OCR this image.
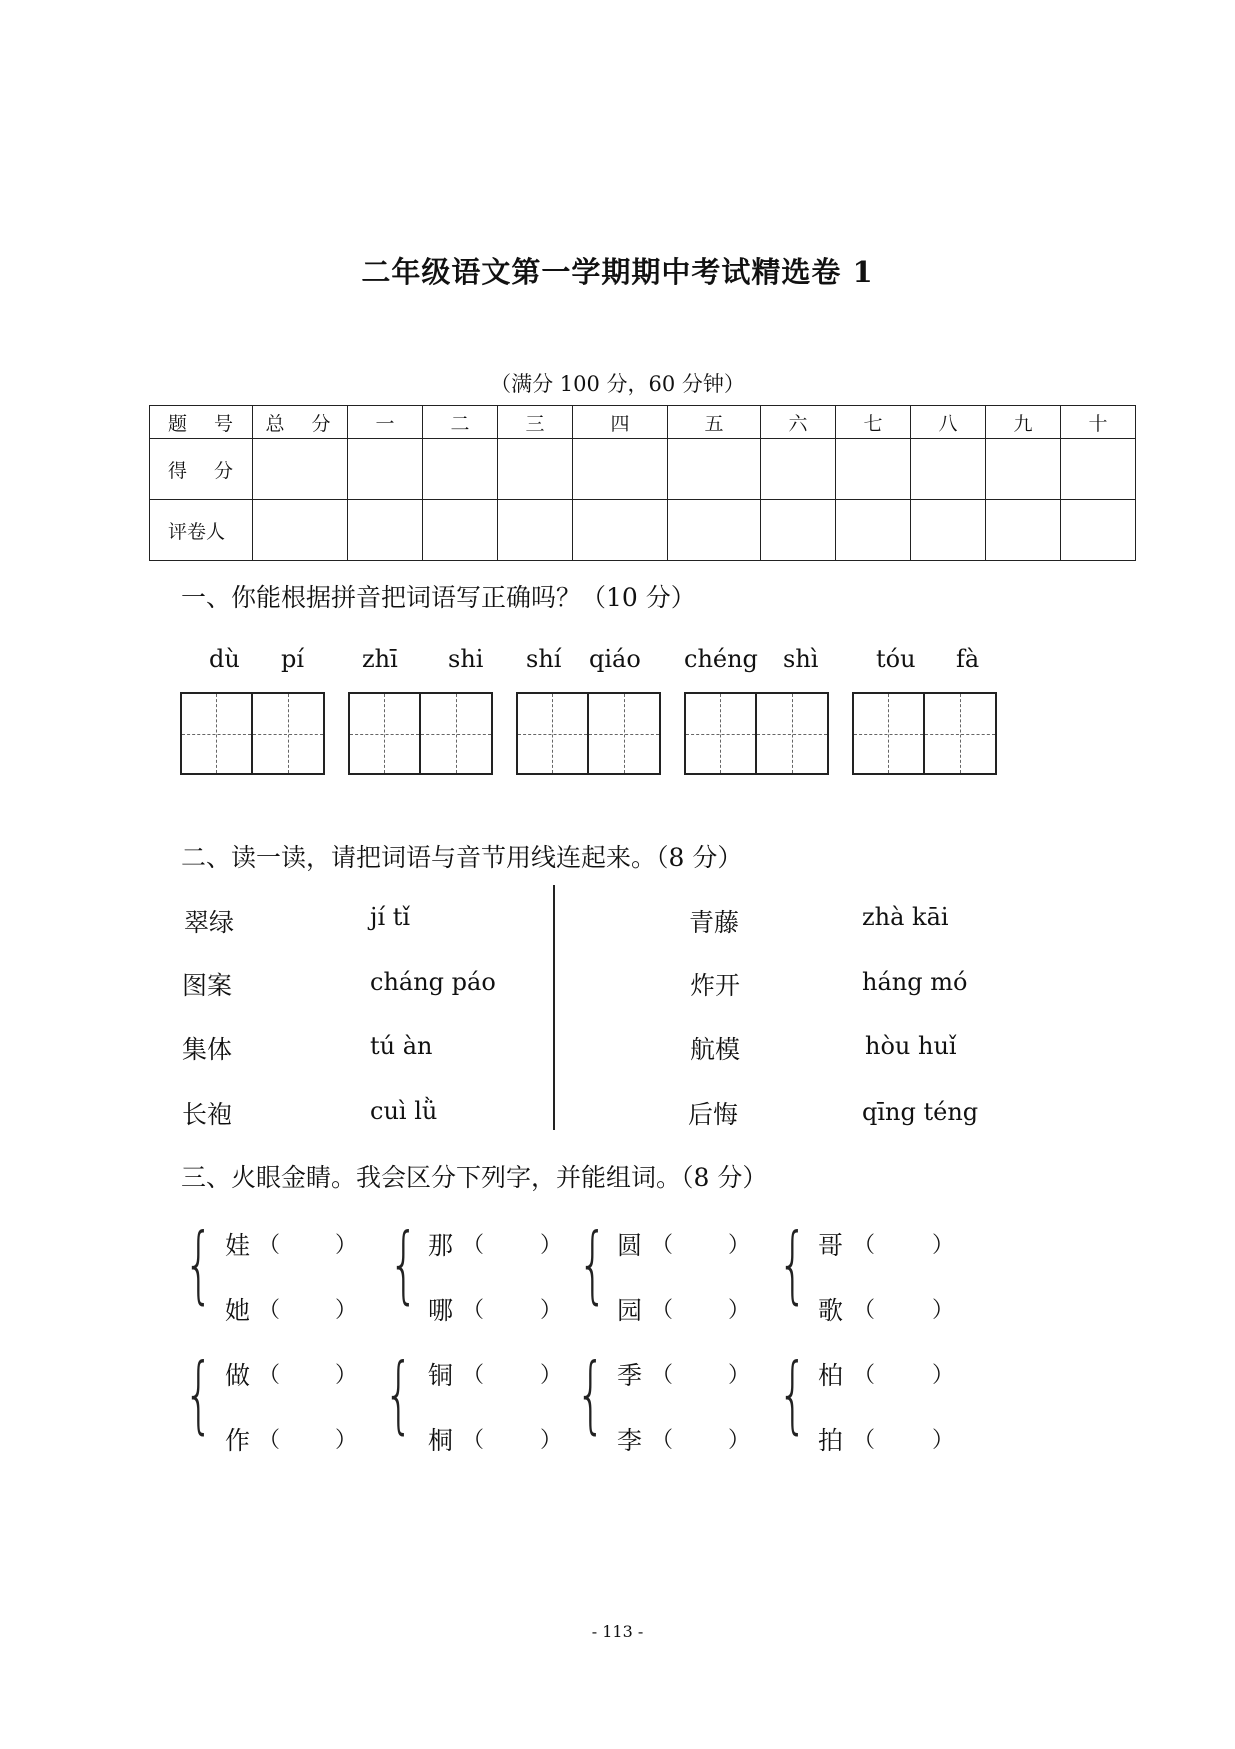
二年级语文第一学期期中考试精选卷 1
（满分 100 分，60 分钟）
题　号	总　分	一	二	三	四	五	六	七	八	九	十
得　分											
评卷人											
一、你能根据拼音把词语写正确吗？（10 分）
dù pí zhī shi shí qiáo chéng shì tóu fà
二、读一读，请把词语与音节用线连起来。（8 分）
翠绿
图案
集体
长袍
jí tǐ
cháng páo
tú àn
cuì lǜ
青藤
炸开
航模
后悔
zhà kāi
háng mó
hòu huǐ
qīng téng
三、火眼金睛。我会区分下列字，并能组词。（8 分）
{ { { {
{ { { {
娃 （ ）
她 （ ）
那 （	）
哪 （	）
圆 （ ）
园 （ ）
哥 （	）
歌 （	）
做 （ ）
作 （ ）
铜 （	）
桐 （	）
季 （ ）
李 （ ）
柏 （	）
拍 （	）
- 113 -
